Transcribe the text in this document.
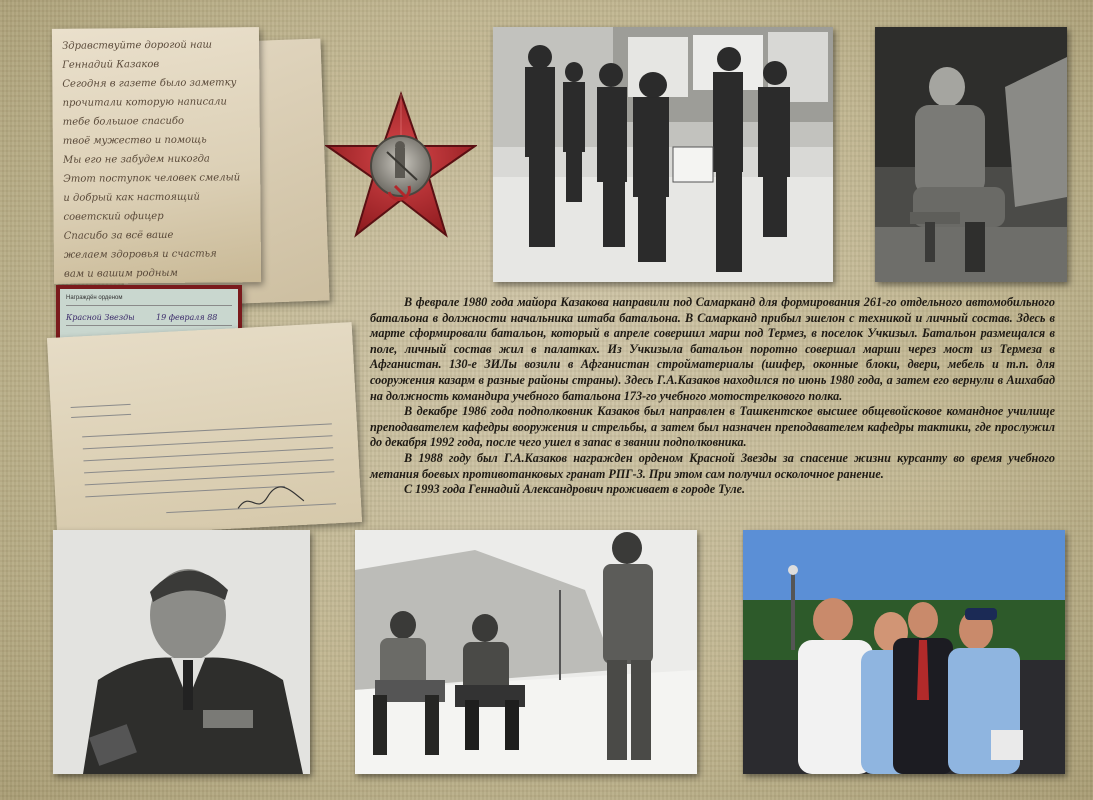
Здравствуйте дорогой наш
Геннадий Казаков
Сегодня в газете было заметку
прочитали которую написали
тебе большое спасибо
твоё мужество и помощь
Мы его не забудем никогда
Этот поступок человек смелый
и добрый как настоящий
советский офицер
Спасибо за всё ваше
желаем здоровья и счастья
вам и вашим родным
Награждён орденом
Красной Звезды	19 февраля 88

В феврале 1980 года майора Казакова направили под Самарканд для формирования 261-го отдельного автомобильного батальона в должности начальника штаба батальона. В Самарканд прибыл эшелон с техникой и личный состав. Здесь в марте сформировали батальон, который в апреле совершил марш под Термез, в поселок Учкизыл. Батальон размещался в поле, личный состав жил в палатках. Из Учкизыла батальон поротно совершал марши через мост из Термеза в Афганистан. 130-е ЗИЛы возили в Афганистан стройматериалы (шифер, оконные блоки, двери, мебель и т.п. для сооружения казарм в разные районы страны). Здесь Г.А.Казаков находился по июнь 1980 года, а затем его вернули в Ашхабад на должность командира учебного батальона 173-го учебного мотострелкового полка.

В декабре 1986 года подполковник Казаков был направлен в Ташкентское высшее общевойсковое командное училище преподавателем кафедры вооружения и стрельбы, а затем был назначен преподавателем кафедры тактики, где прослужил до декабря 1992 года, после чего ушел в запас в звании подполковника.

В 1988 году был Г.А.Казаков награжден орденом Красной Звезды за спасение жизни курсанту во время учебного метания боевых противотанковых гранат РПГ-3. При этом сам получил осколочное ранение.

С 1993 года Геннадий Александрович проживает в городе Туле.
